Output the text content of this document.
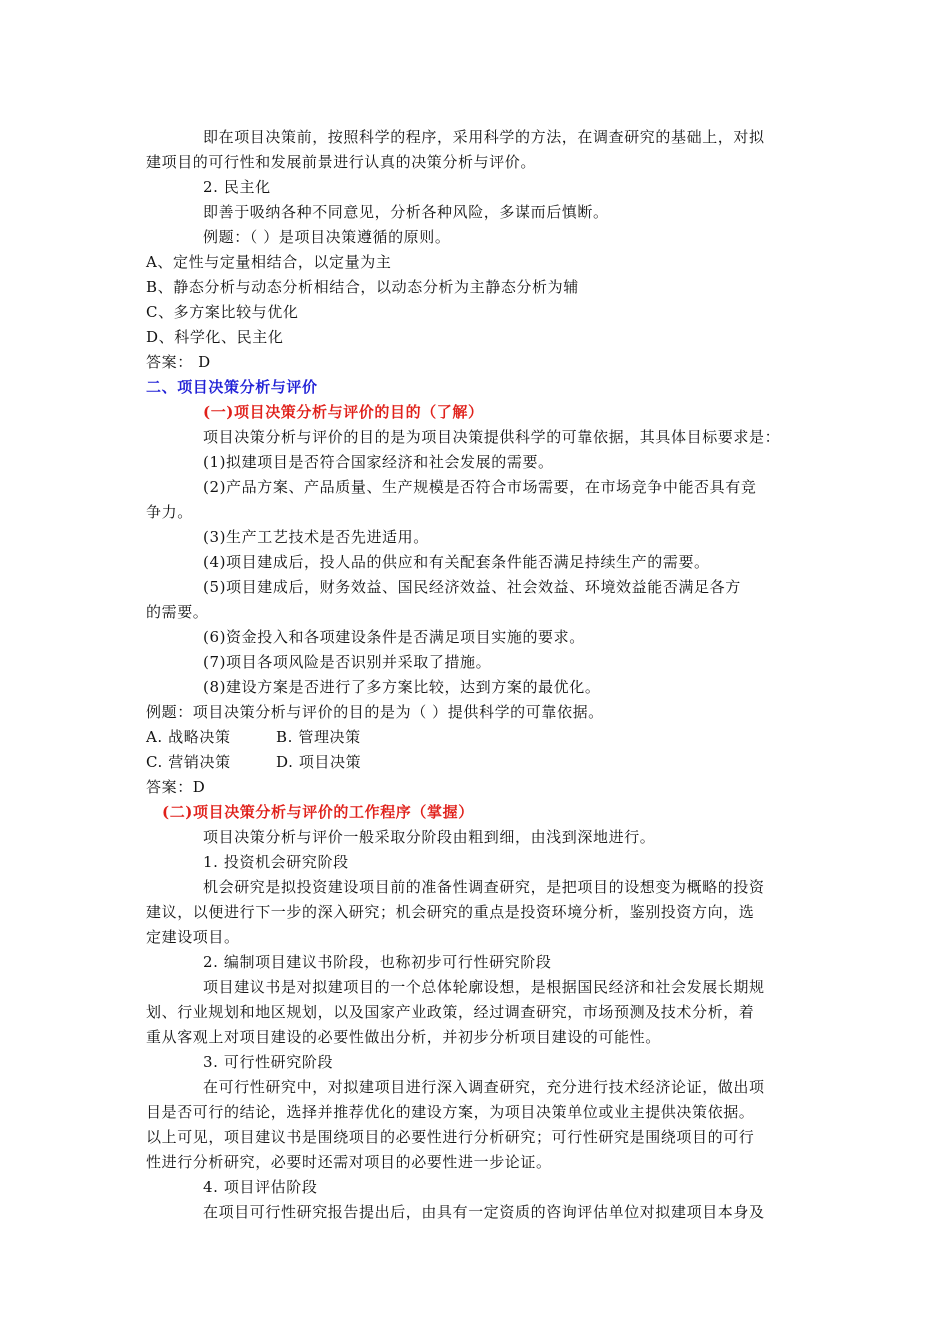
即在项目决策前，按照科学的程序，采用科学的方法，在调查研究的基础上，对拟
建项目的可行性和发展前景进行认真的决策分析与评价。
2. 民主化
即善于吸纳各种不同意见，分析各种风险，多谋而后慎断。
例题：（ ）是项目决策遵循的原则。
A、定性与定量相结合，以定量为主
B、静态分析与动态分析相结合，以动态分析为主静态分析为辅
C、多方案比较与优化
D、科学化、民主化
答案： D
二、项目决策分析与评价
(一)项目决策分析与评价的目的（了解）
项目决策分析与评价的目的是为项目决策提供科学的可靠依据，其具体目标要求是：
(1)拟建项目是否符合国家经济和社会发展的需要。
(2)产品方案、产品质量、生产规模是否符合市场需要，在市场竞争中能否具有竞
争力。
(3)生产工艺技术是否先进适用。
(4)项目建成后，投人品的供应和有关配套条件能否满足持续生产的需要。
(5)项目建成后，财务效益、国民经济效益、社会效益、环境效益能否满足各方
的需要。
(6)资金投入和各项建设条件是否满足项目实施的要求。
(7)项目各项风险是否识别并采取了措施。
(8)建设方案是否进行了多方案比较，达到方案的最优化。
例题：项目决策分析与评价的目的是为（ ）提供科学的可靠依据。
A. 战略决策	B. 管理决策
C. 营销决策	D. 项目决策
答案：D
(二)项目决策分析与评价的工作程序（掌握）
项目决策分析与评价一般采取分阶段由粗到细，由浅到深地进行。
1. 投资机会研究阶段
机会研究是拟投资建设项目前的准备性调查研究，是把项目的设想变为概略的投资
建议，以便进行下一步的深入研究；机会研究的重点是投资环境分析，鉴别投资方向，选
定建设项目。
2. 编制项目建议书阶段，也称初步可行性研究阶段
项目建议书是对拟建项目的一个总体轮廓设想，是根据国民经济和社会发展长期规
划、行业规划和地区规划，以及国家产业政策，经过调查研究，市场预测及技术分析，着
重从客观上对项目建设的必要性做出分析，并初步分析项目建设的可能性。
3. 可行性研究阶段
在可行性研究中，对拟建项目进行深入调查研究，充分进行技术经济论证，做出项
目是否可行的结论，选择并推荐优化的建设方案，为项目决策单位或业主提供决策依据。
以上可见，项目建议书是围绕项目的必要性进行分析研究；可行性研究是围绕项目的可行
性进行分析研究，必要时还需对项目的必要性进一步论证。
4. 项目评估阶段
在项目可行性研究报告提出后，由具有一定资质的咨询评估单位对拟建项目本身及
